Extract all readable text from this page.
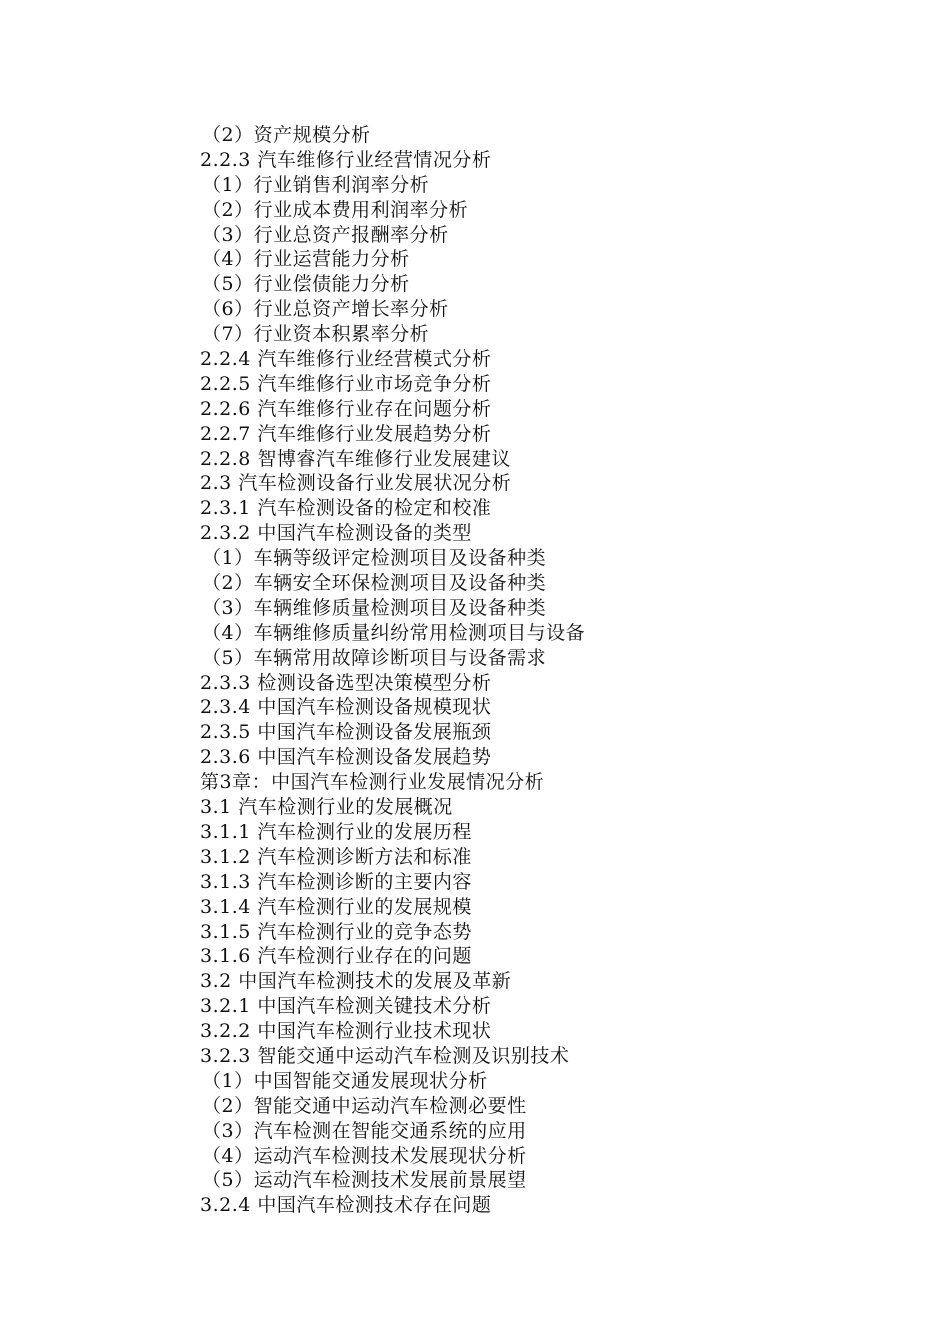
（2）资产规模分析
2.2.3 汽车维修行业经营情况分析
（1）行业销售利润率分析
（2）行业成本费用利润率分析
（3）行业总资产报酬率分析
（4）行业运营能力分析
（5）行业偿债能力分析
（6）行业总资产增长率分析
（7）行业资本积累率分析
2.2.4 汽车维修行业经营模式分析
2.2.5 汽车维修行业市场竞争分析
2.2.6 汽车维修行业存在问题分析
2.2.7 汽车维修行业发展趋势分析
2.2.8 智博睿汽车维修行业发展建议
2.3 汽车检测设备行业发展状况分析
2.3.1 汽车检测设备的检定和校准
2.3.2 中国汽车检测设备的类型
（1）车辆等级评定检测项目及设备种类
（2）车辆安全环保检测项目及设备种类
（3）车辆维修质量检测项目及设备种类
（4）车辆维修质量纠纷常用检测项目与设备
（5）车辆常用故障诊断项目与设备需求
2.3.3 检测设备选型决策模型分析
2.3.4 中国汽车检测设备规模现状
2.3.5 中国汽车检测设备发展瓶颈
2.3.6 中国汽车检测设备发展趋势
第3章：中国汽车检测行业发展情况分析
3.1 汽车检测行业的发展概况
3.1.1 汽车检测行业的发展历程
3.1.2 汽车检测诊断方法和标准
3.1.3 汽车检测诊断的主要内容
3.1.4 汽车检测行业的发展规模
3.1.5 汽车检测行业的竞争态势
3.1.6 汽车检测行业存在的问题
3.2 中国汽车检测技术的发展及革新
3.2.1 中国汽车检测关键技术分析
3.2.2 中国汽车检测行业技术现状
3.2.3 智能交通中运动汽车检测及识别技术
（1）中国智能交通发展现状分析
（2）智能交通中运动汽车检测必要性
（3）汽车检测在智能交通系统的应用
（4）运动汽车检测技术发展现状分析
（5）运动汽车检测技术发展前景展望
3.2.4 中国汽车检测技术存在问题
